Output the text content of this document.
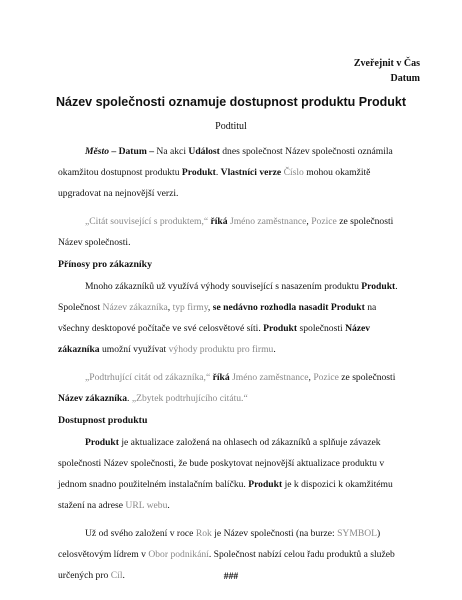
Zveřejnit v Čas
Datum
Název společnosti oznamuje dostupnost produktu Produkt
Podtitul

Město – Datum – Na akci Událost dnes společnost Název společnosti oznámila okamžitou dostupnost produktu Produkt. Vlastníci verze Číslo mohou okamžitě upgradovat na nejnovější verzi.

„Citát související s produktem,“ říká Jméno zaměstnance, Pozice ze společnosti Název společnosti.

Přínosy pro zákazníky

Mnoho zákazníků už využívá výhody související s nasazením produktu Produkt. Společnost Název zákazníka, typ firmy, se nedávno rozhodla nasadit Produkt na všechny desktopové počítače ve své celosvětové síti. Produkt společnosti Název zákazníka umožní využívat výhody produktu pro firmu.

„Podtrhující citát od zákazníka,“ říká Jméno zaměstnance, Pozice ze společnosti Název zákazníka. „Zbytek podtrhujícího citátu.“

Dostupnost produktu

Produkt je aktualizace založená na ohlasech od zákazníků a splňuje závazek společnosti Název společnosti, že bude poskytovat nejnovější aktualizace produktu v jednom snadno použitelném instalačním balíčku. Produkt je k dispozici k okamžitému stažení na adrese URL webu.

Už od svého založení v roce Rok je Název společnosti (na burze: SYMBOL) celosvětovým lídrem v Obor podnikání. Společnost nabízí celou řadu produktů a služeb určených pro Cíl.	###
